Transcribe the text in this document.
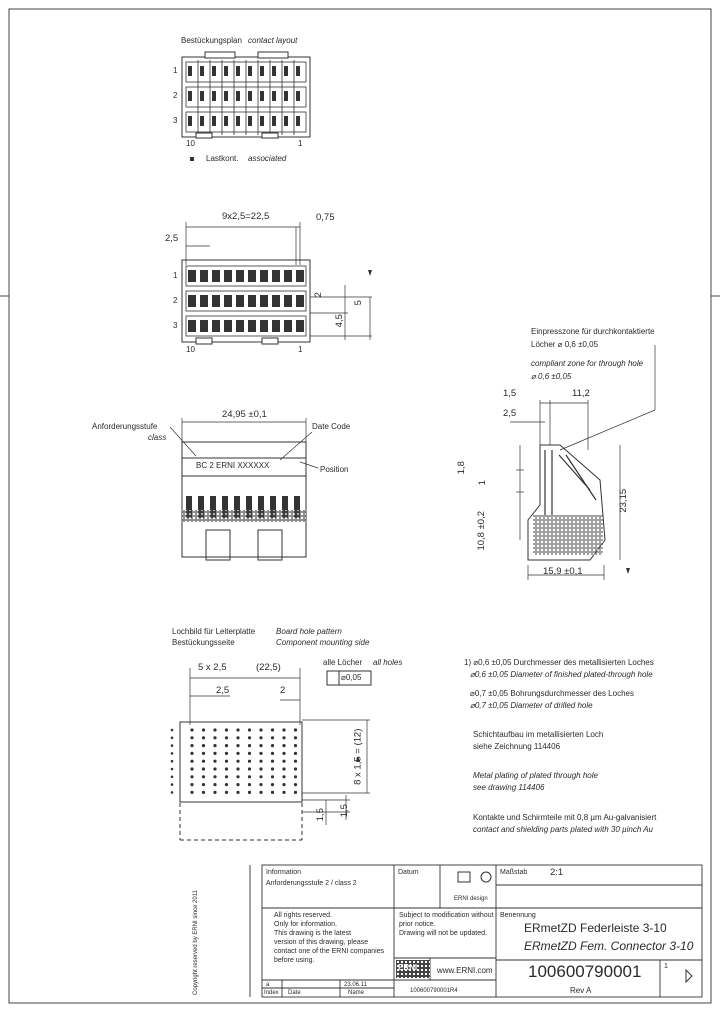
Bestückungsplan contact layout
1
2
3
10	1
Lastkont. associated
9x2,5=22,5	0,75
2,5
1
2
3
10	1
2
5
4,5
24,95 ±0,1
Anforderungsstufe
class
Date Code
Position
BC 2 ERNI XXXXXX
Einpresszone für durchkontaktierte
Löcher ⌀ 0,6 ±0,05
compliant zone for through hole
⌀ 0,6 ±0,05
1,5
2,5
11,2
1,8
1
10,8 ±0,2
23,15
15,9 ±0,1
Lochbild für Leiterplatte
Bestückungsseite
Board hole pattern
Component mounting side
5 x 2,5	(22,5)
2,5	2
alle Löcher all holes
⌀0,05
8 x 1,5 = (12)
1,5 1,5
1) ⌀0,6 ±0,05 Durchmesser des metallisierten Loches
⌀0,6 ±0,05 Diameter of finished plated-through hole
⌀0,7 ±0,05 Bohrungsdurchmesser des Loches
⌀0,7 ±0,05 Diameter of drilled hole
Schichtaufbau im metallisierten Loch
siehe Zeichnung 114406
Metal plating of plated through hole
see drawing 114406
Kontakte und Schirmteile mit 0,8 µm Au-galvanisiert
contact and shielding parts plated with 30 µinch Au
Information
Anforderungsstufe 2 / class 2
Datum
ERNI design
Maßstab 2:1
All rights reserved.
Only for information.
This drawing is the latest
version of this drawing, please
contact one of the ERNI companies
before using.
Subject to modification without
prior notice.
Drawing will not be updated.
Benennung
ERmetZD Federleiste 3-10
ERmetZD Fem. Connector 3-10
ERNI www.ERNI.com 100600790001
Rev A
1
a
Index
23.06.11
Date	Name	100600790001R4
Copyright reserved by ERNI since 2011
